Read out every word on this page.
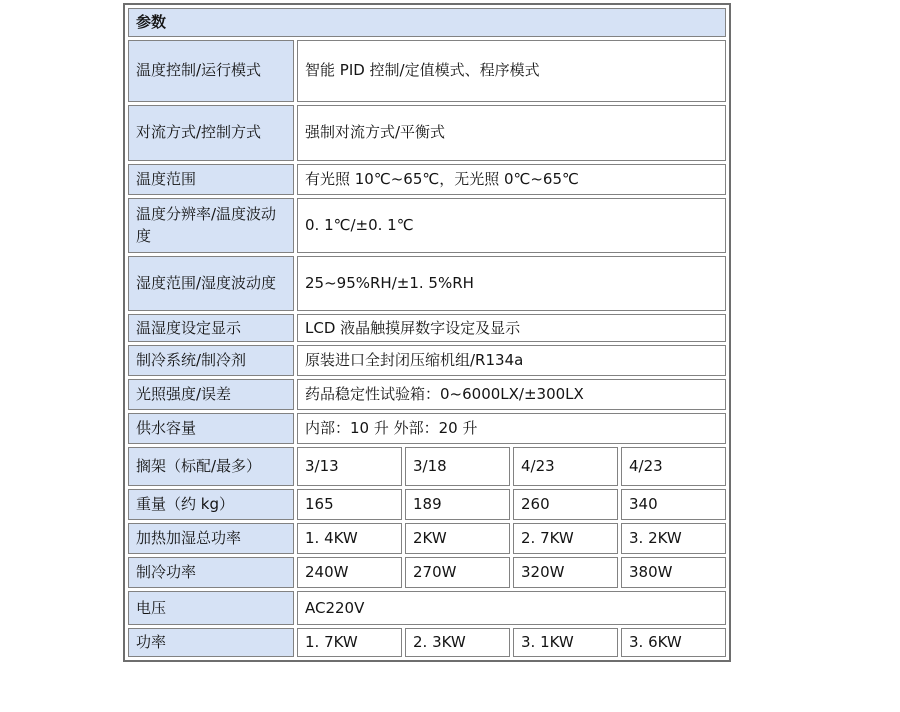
参数				
温度控制/运行模式	智能 PID 控制/定值模式、程序模式			
对流方式/控制方式	强制对流方式/平衡式			
温度范围	有光照 10℃~65℃，无光照 0℃~65℃			
温度分辨率/温度波动度	0. 1℃/±0. 1℃			
湿度范围/湿度波动度	25~95%RH/±1. 5%RH			
温湿度设定显示	LCD 液晶触摸屏数字设定及显示			
制冷系统/制冷剂	原装进口全封闭压缩机组/R134a			
光照强度/误差	药品稳定性试验箱：0~6000LX/±300LX			
供水容量	内部：10 升 外部：20 升			
搁架（标配/最多）	3/13	3/18	4/23	4/23
重量（约 kg）	165	189	260	340
加热加湿总功率	1. 4KW	2KW	2. 7KW	3. 2KW
制冷功率	240W	270W	320W	380W
电压	AC220V			
功率	1. 7KW	2. 3KW	3. 1KW	3. 6KW
